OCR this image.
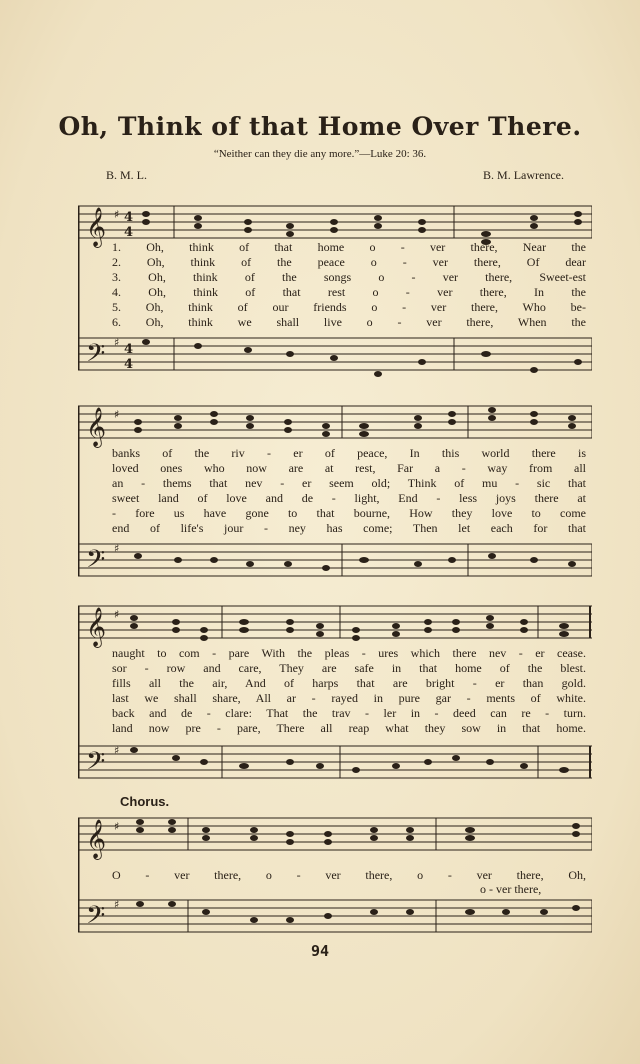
Oh, Think of that Home Over There.
“Neither can they die any more.”—Luke 20: 36.
B. M. L.	B. M. Lawrence.
𝄞
𝄢
♯
♯
4
4
4
4
1. Oh, think of that home o - ver there, Near the
2. Oh, think of the peace o - ver there, Of dear
3. Oh, think of the songs o - ver there, Sweet-est
4. Oh, think of that rest o - ver there, In the
5. Oh, think of our friends o - ver there, Who be-
6. Oh, think we shall live o - ver there, When the
𝄞
𝄢
♯
♯
banks of the riv - er of peace, In this world there is
loved ones who now are at rest, Far a - way from all
an - thems that nev - er seem old; Think of mu - sic that
sweet land of love and de - light, End - less joys there at
- fore us have gone to that bourne, How they love to come
end of life's jour - ney has come; Then let each for that
𝄞
𝄢
♯
♯
naught to com - pare With the pleas - ures which there nev - er cease.
sor - row and care, They are safe in that home of the blest.
fills all the air, And of harps that are bright - er than gold.
last we shall share, All ar - rayed in pure gar - ments of white.
back and de - clare: That the trav - ler in - deed can re - turn.
land now pre - pare, There all reap what they sow in that home.
Chorus.
𝄞
𝄢
♯
♯
O - ver there, o - ver there, o - ver there, Oh,
o - ver there,
94
